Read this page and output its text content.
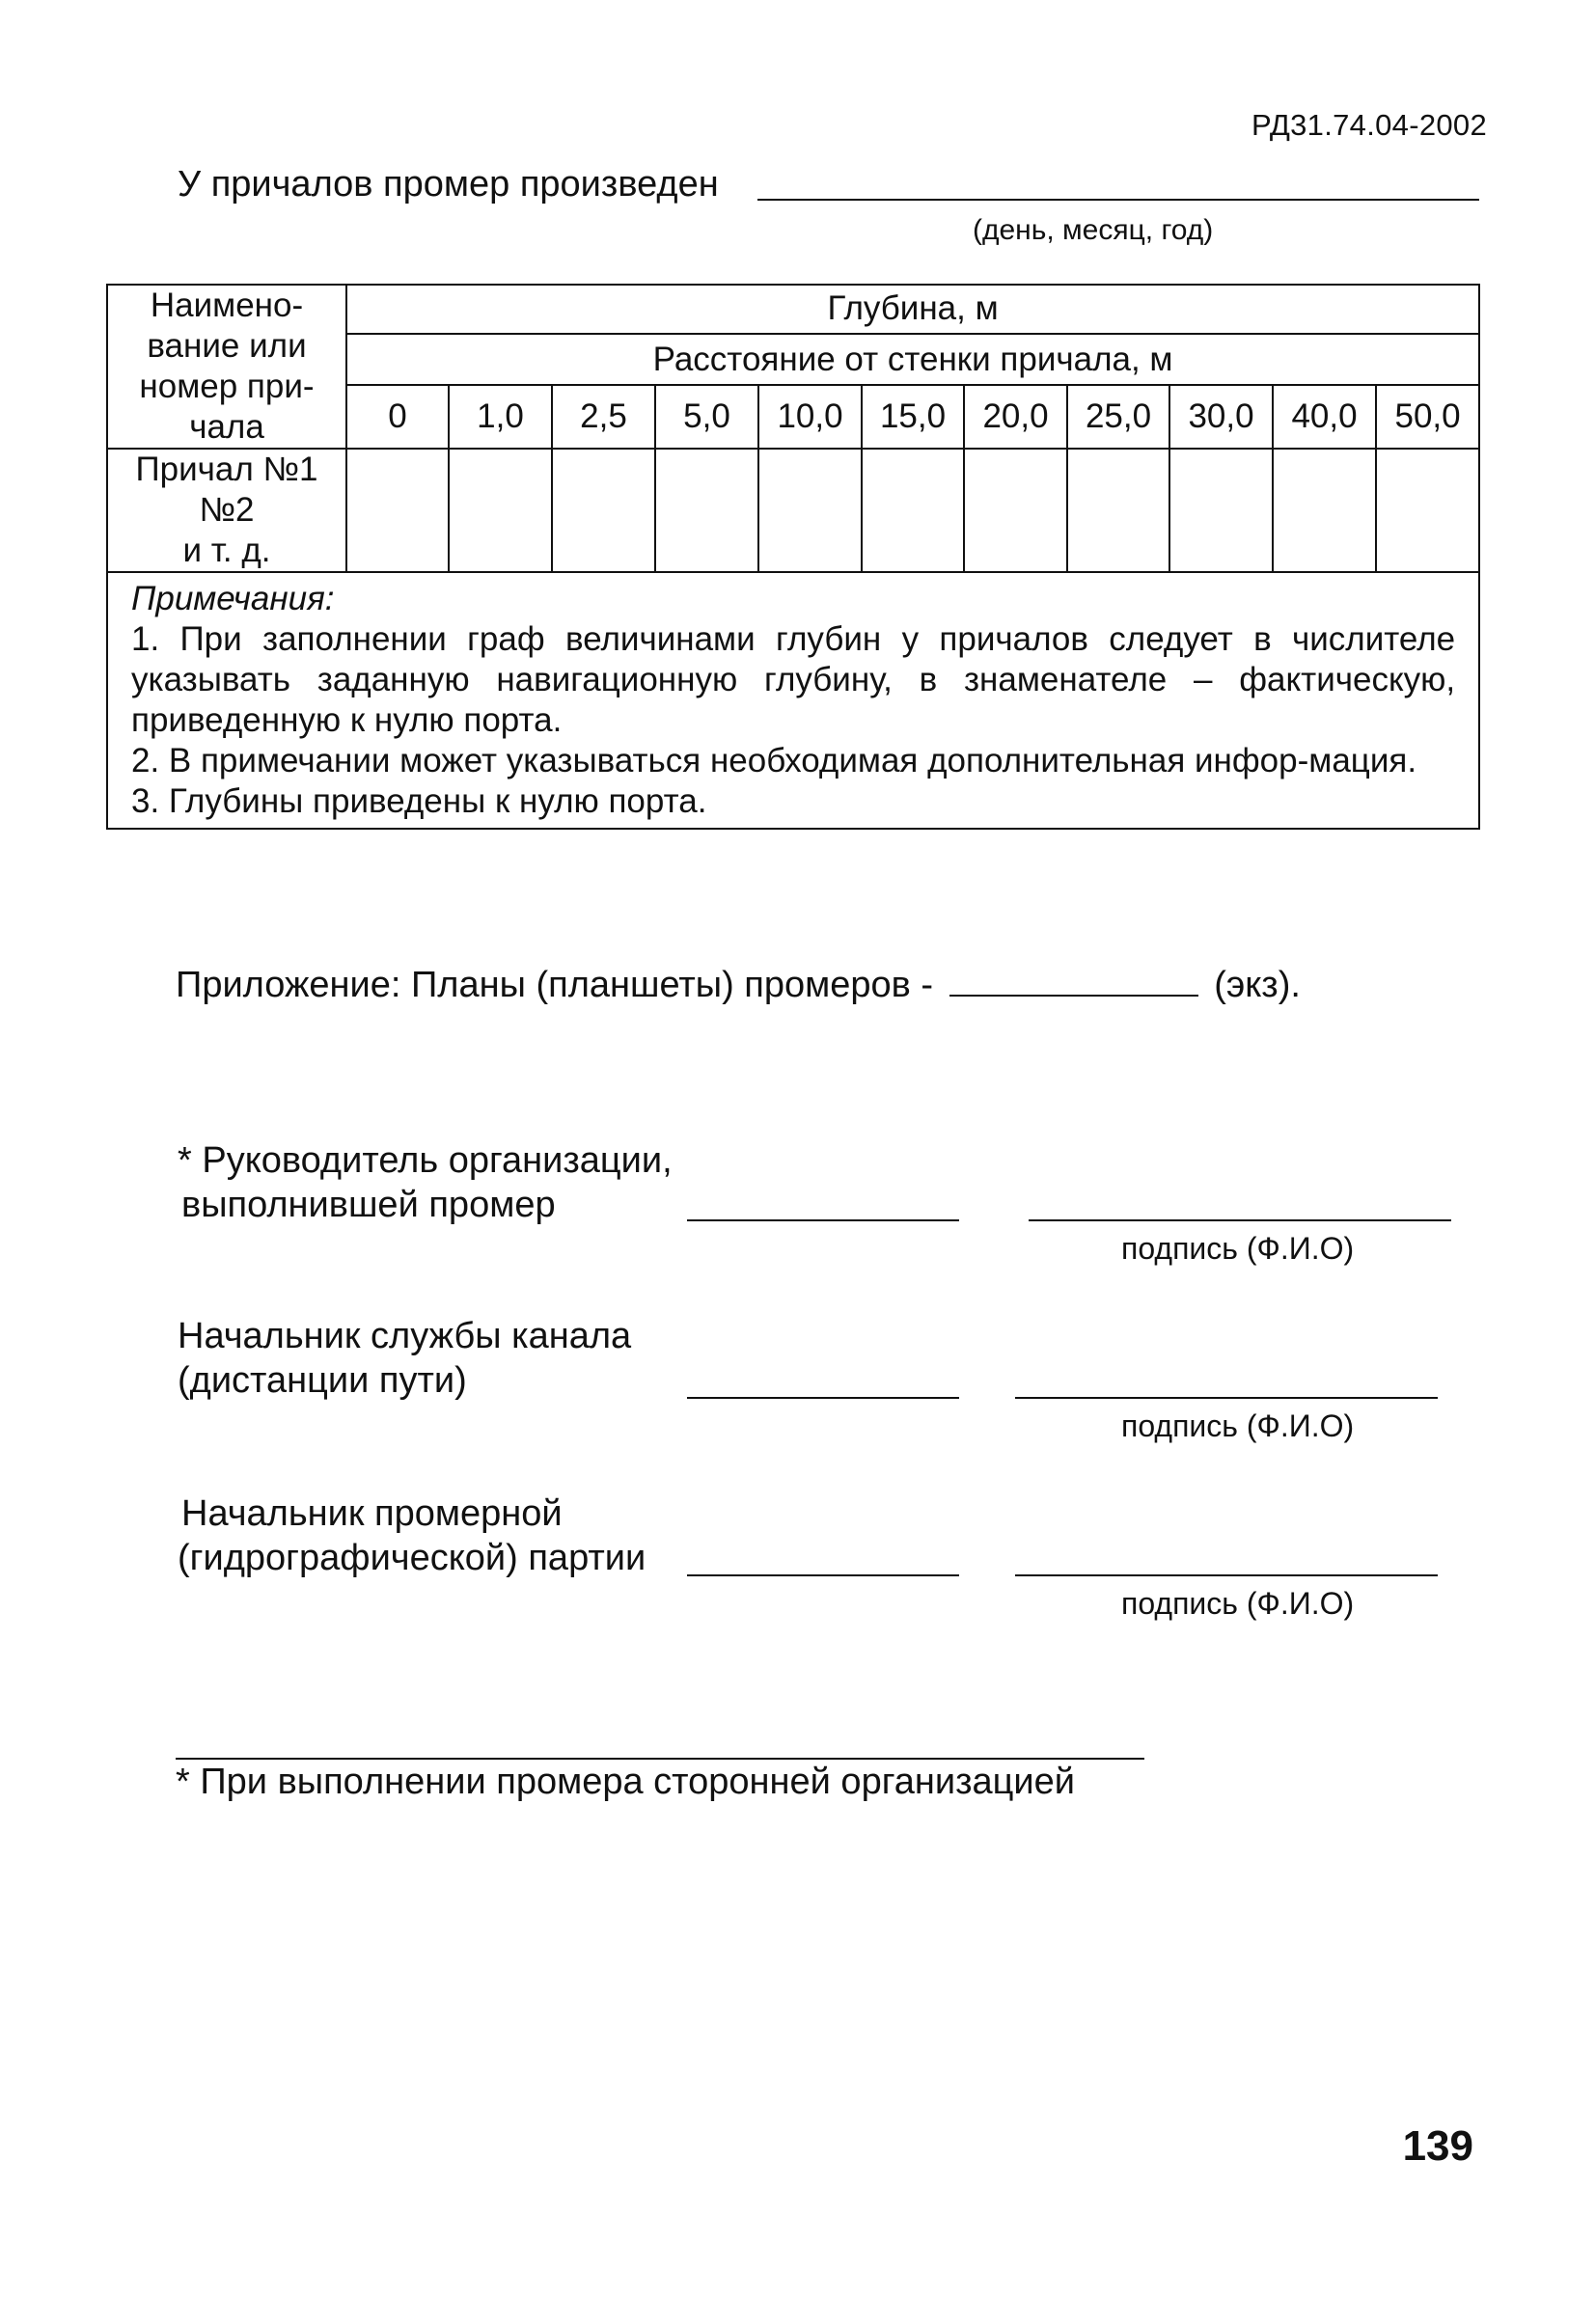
РД31.74.04-2002
У причалов промер произведен
(день, месяц, год)
Наимено-
вание или
номер при-
чала	Глубина, м										
	Расстояние от стенки причала, м										
	0	1,0	2,5	5,0	10,0	15,0	20,0	25,0	30,0	40,0	50,0

Причал №1
№2
и т. д.											

Примечания:
1. При заполнении граф величинами глубин у причалов следует в числителе указывать заданную навигационную глубину, в знаменателе – фактическую, приведенную к нулю порта.
2. В примечании может указываться необходимая дополнительная инфор-мация.
3. Глубины приведены к нулю порта.											
Приложение: Планы (планшеты) промеров -	(экз).
* Руководитель организации,
выполнившей промер
подпись (Ф.И.О)
Начальник службы канала
(дистанции пути)
подпись (Ф.И.О)
Начальник промерной
(гидрографической) партии
подпись (Ф.И.О)
* При выполнении промера сторонней организацией
139
